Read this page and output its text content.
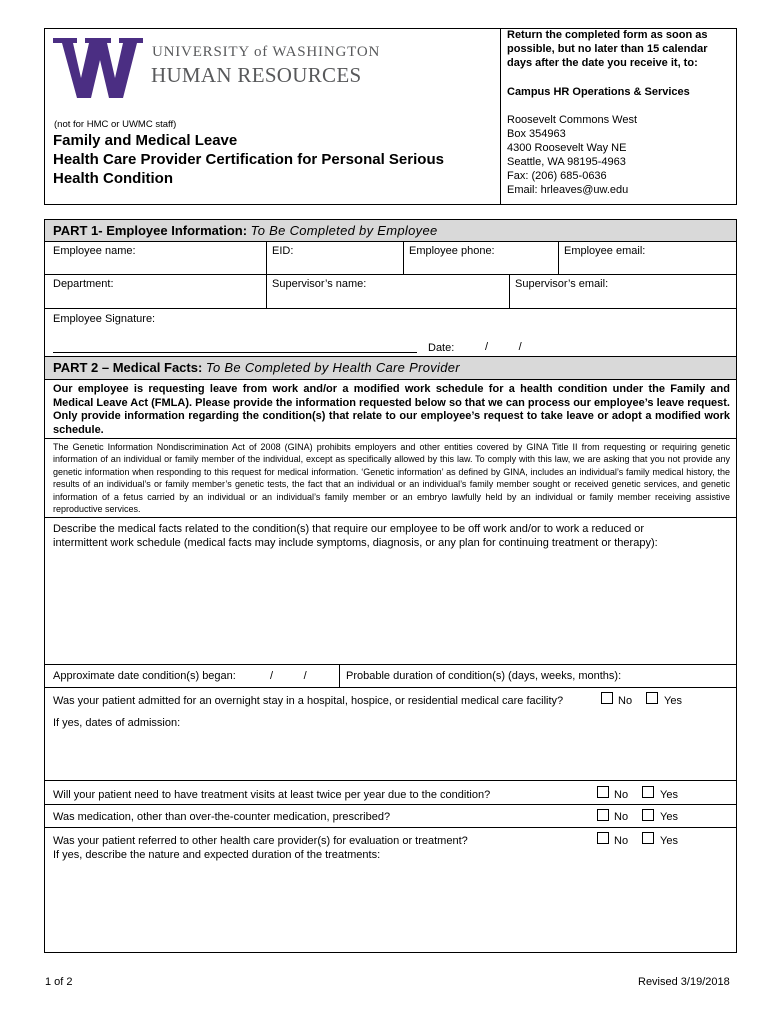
UNIVERSITY of WASHINGTON
HUMAN RESOURCES
(not for HMC or UWMC staff)
Family and Medical Leave
Health Care Provider Certification for Personal Serious
Health Condition
Return the completed form as soon as
possible, but no later than 15 calendar
days after the date you receive it, to:
Campus HR Operations & Services
Roosevelt Commons West
Box 354963
4300 Roosevelt Way NE
Seattle, WA 98195-4963
Fax: (206) 685-0636
Email: hrleaves@uw.edu
PART 1- Employee Information: To Be Completed by Employee
Employee name:	EID:	Employee phone:	Employee email:
Department:	Supervisor’s name:	Supervisor’s email:
Employee Signature:
Date:	/          /
PART 2 – Medical Facts: To Be Completed by Health Care Provider
Our employee is requesting leave from work and/or a modified work schedule for a health condition under the Family and Medical Leave Act (FMLA). Please provide the information requested below so that we can process our employee’s leave request. Only provide information regarding the condition(s) that relate to our employee’s request to take leave or adopt a modified work schedule.
The Genetic Information Nondiscrimination Act of 2008 (GINA) prohibits employers and other entities covered by GINA Title II from requesting or requiring genetic information of an individual or family member of the individual, except as specifically allowed by this law. To comply with this law, we are asking that you not provide any genetic information when responding to this request for medical information. ‘Genetic information’ as defined by GINA, includes an individual’s family medical history, the results of an individual’s or family member’s genetic tests, the fact that an individual or an individual’s family member sought or received genetic services, and genetic information of a fetus carried by an individual or an individual’s family member or an embryo lawfully held by an individual or family member receiving assistive reproductive services.
Describe the medical facts related to the condition(s) that require our employee to be off work and/or to work a reduced or
intermittent work schedule (medical facts may include symptoms, diagnosis, or any plan for continuing treatment or therapy):
Approximate date condition(s) began:	/          /	Probable duration of condition(s) (days, weeks, months):
Was your patient admitted for an overnight stay in a hospital, hospice, or residential medical care facility?	No	Yes
If yes, dates of admission:
Will your patient need to have treatment visits at least twice per year due to the condition?	No	Yes
Was medication, other than over-the-counter medication, prescribed?	No	Yes
Was your patient referred to other health care provider(s) for evaluation or treatment?	No	Yes
If yes, describe the nature and expected duration of the treatments:
1 of 2	Revised 3/19/2018
